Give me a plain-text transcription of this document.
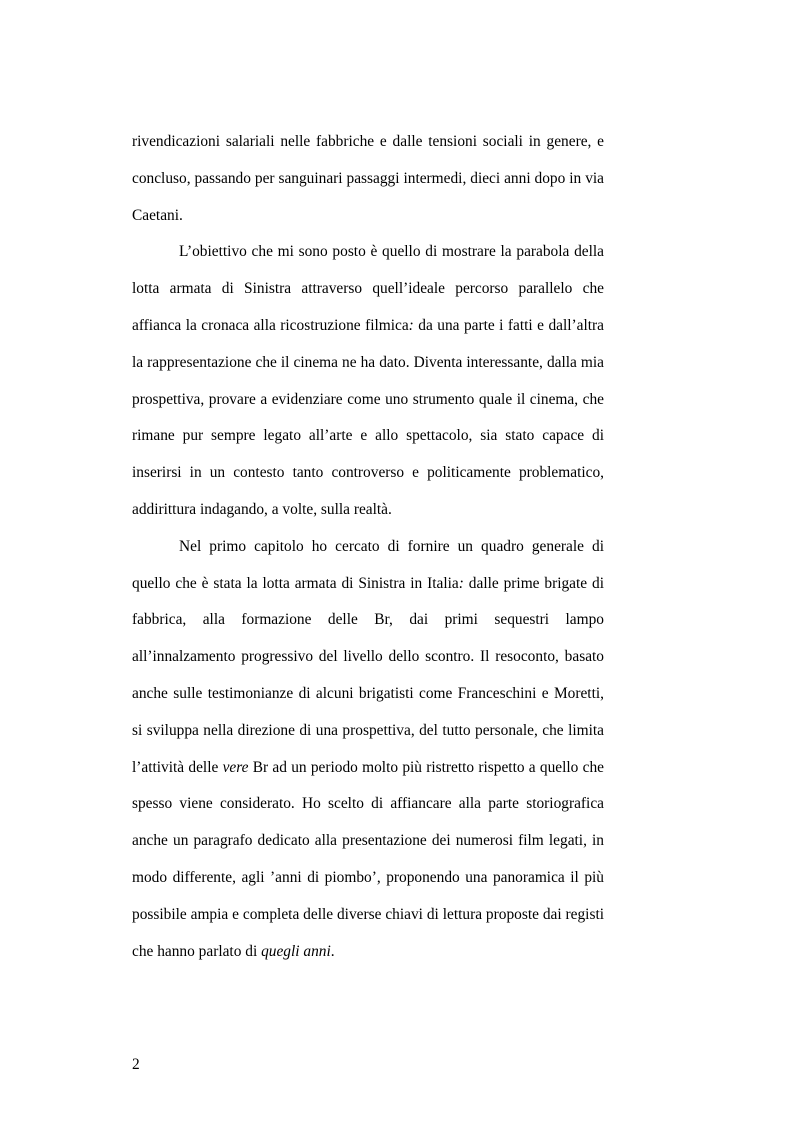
rivendicazioni salariali nelle fabbriche e dalle tensioni sociali in genere, e concluso, passando per sanguinari passaggi intermedi, dieci anni dopo in via Caetani.

L’obiettivo che mi sono posto è quello di mostrare la parabola della lotta armata di Sinistra attraverso quell’ideale percorso parallelo che affianca la cronaca alla ricostruzione filmica: da una parte i fatti e dall’altra la rappresentazione che il cinema ne ha dato. Diventa interessante, dalla mia prospettiva, provare a evidenziare come uno strumento quale il cinema, che rimane pur sempre legato all’arte e allo spettacolo, sia stato capace di inserirsi in un contesto tanto controverso e politicamente problematico, addirittura indagando, a volte, sulla realtà.

Nel primo capitolo ho cercato di fornire un quadro generale di quello che è stata la lotta armata di Sinistra in Italia: dalle prime brigate di fabbrica, alla formazione delle Br, dai primi sequestri lampo all’innalzamento progressivo del livello dello scontro. Il resoconto, basato anche sulle testimonianze di alcuni brigatisti come Franceschini e Moretti, si sviluppa nella direzione di una prospettiva, del tutto personale, che limita l’attività delle vere Br ad un periodo molto più ristretto rispetto a quello che spesso viene considerato. Ho scelto di affiancare alla parte storiografica anche un paragrafo dedicato alla presentazione dei numerosi film legati, in modo differente, agli ’anni di piombo’, proponendo una panoramica il più possibile ampia e completa delle diverse chiavi di lettura proposte dai registi che hanno parlato di quegli anni.

2
